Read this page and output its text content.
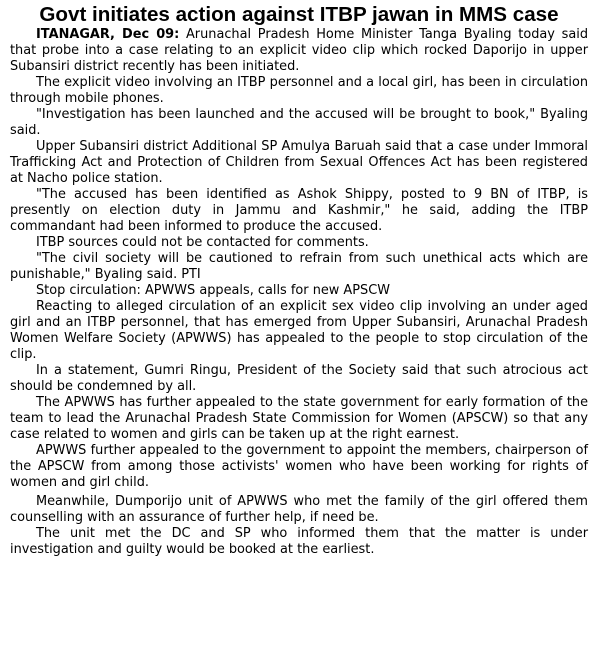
Govt initiates action against ITBP jawan in MMS case

ITANAGAR, Dec 09: Arunachal Pradesh Home Minister Tanga Byaling today said that probe into a case relating to an explicit video clip which rocked Daporijo in upper Subansiri district recently has been initiated.

The explicit video involving an ITBP personnel and a local girl, has been in circulation through mobile phones.

"Investigation has been launched and the accused will be brought to book," Byaling said.

Upper Subansiri district Additional SP Amulya Baruah said that a case under Immoral Trafficking Act and Protection of Children from Sexual Offences Act has been registered at Nacho police station.

"The accused has been identified as Ashok Shippy, posted to 9 BN of ITBP, is presently on election duty in Jammu and Kashmir," he said, adding the ITBP commandant had been informed to produce the accused.

ITBP sources could not be contacted for comments.

"The civil society will be cautioned to refrain from such unethical acts which are punishable," Byaling said. PTI

Stop circulation: APWWS appeals, calls for new APSCW

Reacting to alleged circulation of an explicit sex video clip involving an under aged girl and an ITBP personnel, that has emerged from Upper Subansiri, Arunachal Pradesh Women Welfare Society (APWWS) has appealed to the people to stop circulation of the clip.

In a statement, Gumri Ringu, President of the Society said that such atrocious act should be condemned by all.

The APWWS has further appealed to the state government for early formation of the team to lead the Arunachal Pradesh State Commission for Women (APSCW) so that any case related to women and girls can be taken up at the right earnest.

APWWS further appealed to the government to appoint the members, chairperson of the APSCW from among those activists' women who have been working for rights of women and girl child.

Meanwhile, Dumporijo unit of APWWS who met the family of the girl offered them counselling with an assurance of further help, if need be.

The unit met the DC and SP who informed them that the matter is under investigation and guilty would be booked at the earliest.
